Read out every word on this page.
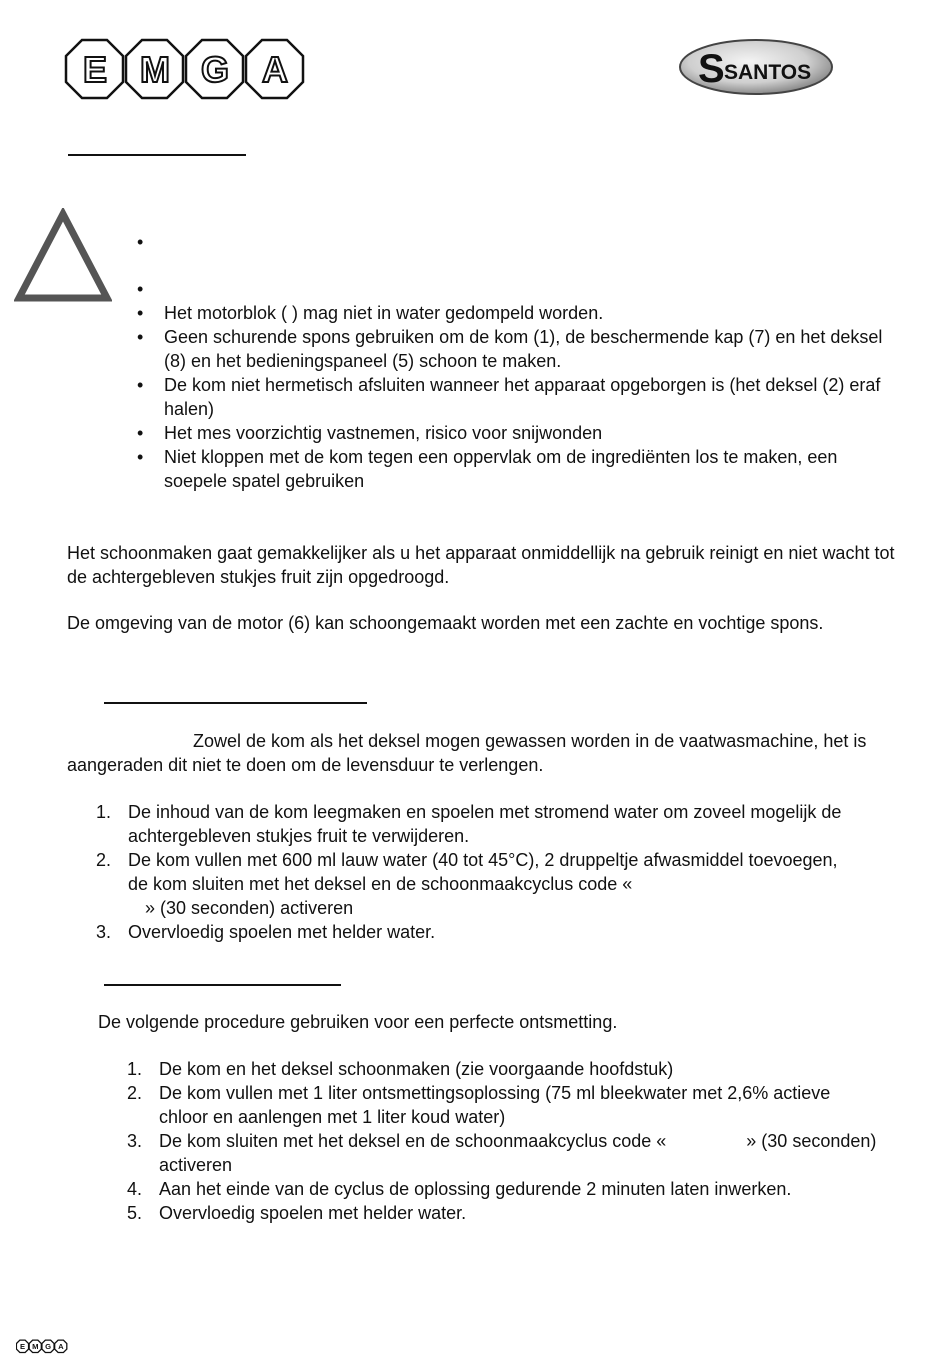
E M G A	S SANTOS
•
•
• Het motorblok ( ) mag niet in water gedompeld worden.
• Geen schurende spons gebruiken om de kom (1), de beschermende kap (7) en het deksel (8) en het bedieningspaneel (5) schoon te maken.
• De kom niet hermetisch afsluiten wanneer het apparaat opgeborgen is (het deksel (2) eraf halen)
• Het mes voorzichtig vastnemen, risico voor snijwonden
• Niet kloppen met de kom tegen een oppervlak om de ingrediënten los te maken, een soepele spatel gebruiken

Het schoonmaken gaat gemakkelijker als u het apparaat onmiddellijk na gebruik reinigt en niet wacht tot de achtergebleven stukjes fruit zijn opgedroogd.

De omgeving van de motor (6) kan schoongemaakt worden met een zachte en vochtige spons.

Zowel de kom als het deksel mogen gewassen worden in de vaatwasmachine, het is aangeraden dit niet te doen om de levensduur te verlengen.

1. De inhoud van de kom leegmaken en spoelen met stromend water om zoveel mogelijk de achtergebleven stukjes fruit te verwijderen.
2. De kom vullen met 600 ml lauw water (40 tot 45°C), 2 druppeltje afwasmiddel toevoegen, de kom sluiten met het deksel en de schoonmaakcyclus code «
» (30 seconden) activeren
3. Overvloedig spoelen met helder water.

De volgende procedure gebruiken voor een perfecte ontsmetting.

1. De kom en het deksel schoonmaken (zie voorgaande hoofdstuk)
2. De kom vullen met 1 liter ontsmettingsoplossing (75 ml bleekwater met 2,6% actieve chloor en aanlengen met 1 liter koud water)
3. De kom sluiten met het deksel en de schoonmaakcyclus code «                » (30 seconden) activeren
4. Aan het einde van de cyclus de oplossing gedurende 2 minuten laten inwerken.
5. Overvloedig spoelen met helder water.
E M G A
